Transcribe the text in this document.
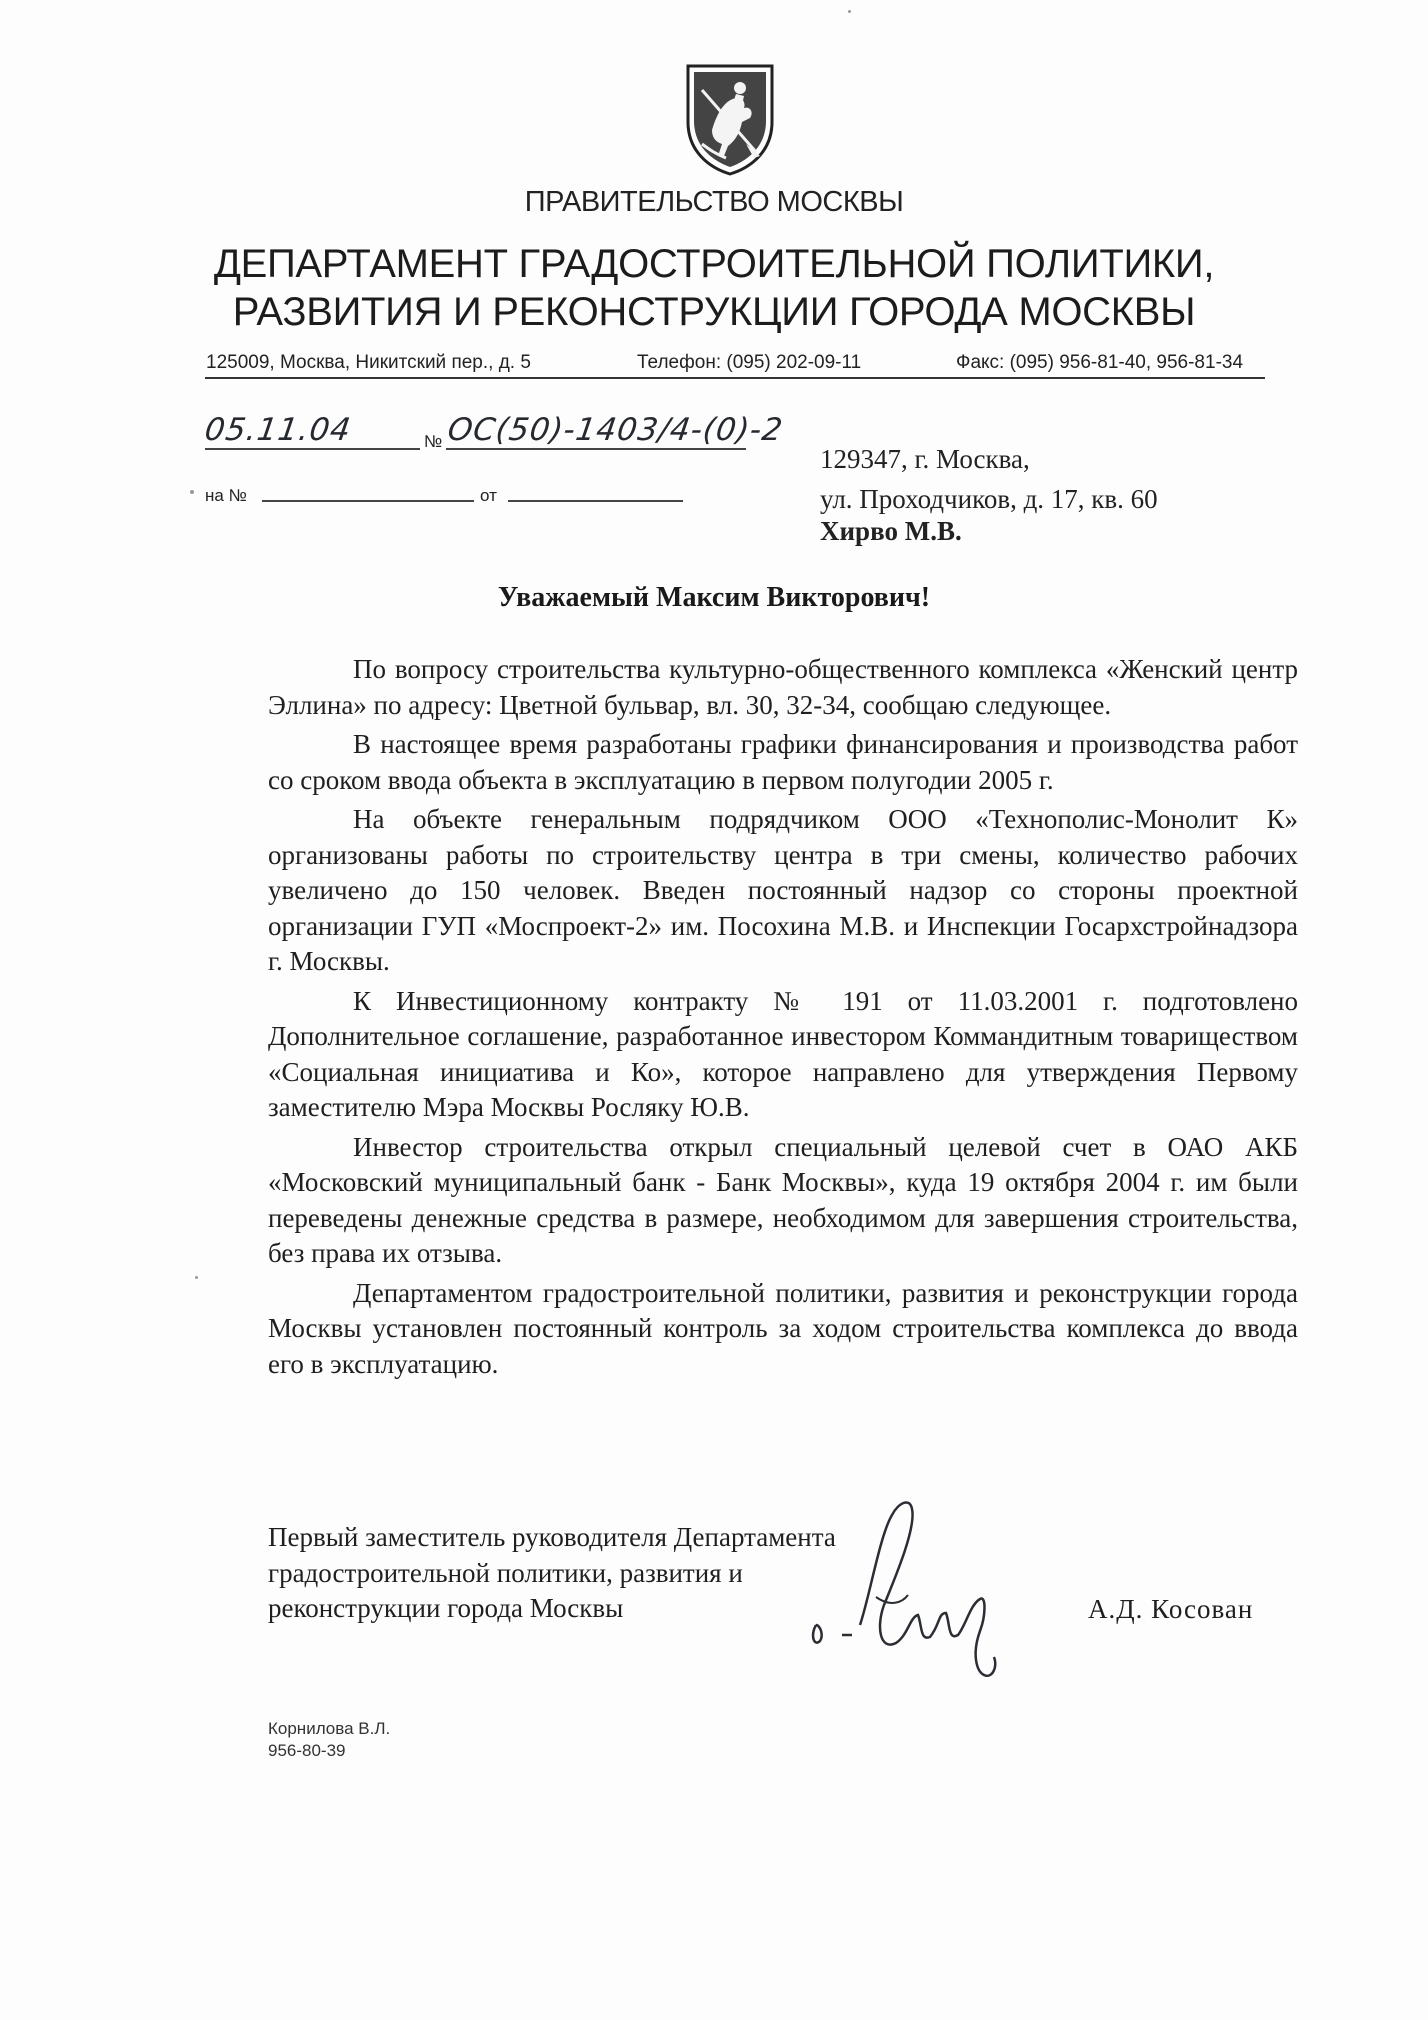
ПРАВИТЕЛЬСТВО МОСКВЫ
ДЕПАРТАМЕНТ ГРАДОСТРОИТЕЛЬНОЙ ПОЛИТИКИ,
РАЗВИТИЯ И РЕКОНСТРУКЦИИ ГОРОДА МОСКВЫ
125009, Москва, Никитский пер., д. 5	Телефон: (095) 202-09-11	Факс: (095) 956-81-40, 956-81-34
05.11.04	№ ОС(50)-1403/4-(0)-2
на №	от
129347, г. Москва,
ул. Проходчиков, д. 17, кв. 60
Хирво М.В.
Уважаемый Максим Викторович!

По вопросу строительства культурно-общественного комплекса «Женский центр Эллина» по адресу: Цветной бульвар, вл. 30, 32-34, сообщаю следующее.

В настоящее время разработаны графики финансирования и производства работ со сроком ввода объекта в эксплуатацию в первом полугодии 2005 г.

На объекте генеральным подрядчиком ООО «Технополис-Монолит К» организованы работы по строительству центра в три смены, количество рабочих увеличено до 150 человек. Введен постоянный надзор со стороны проектной организации ГУП «Моспроект-2» им. Посохина М.В. и Инспекции Госархстройнадзора г. Москвы.

К Инвестиционному контракту № 191 от 11.03.2001 г. подготовлено Дополнительное соглашение, разработанное инвестором Коммандитным товариществом «Социальная инициатива и Ко», которое направлено для утверждения Первому заместителю Мэра Москвы Росляку Ю.В.

Инвестор строительства открыл специальный целевой счет в ОАО АКБ «Московский муниципальный банк - Банк Москвы», куда 19 октября 2004 г. им были переведены денежные средства в размере, необходимом для завершения строительства, без права их отзыва.

Департаментом градостроительной политики, развития и реконструкции города Москвы установлен постоянный контроль за ходом строительства комплекса до ввода его в эксплуатацию.

Первый заместитель руководителя Департамента
градостроительной политики, развития и
реконструкции города Москвы	А.Д. Косован
Корнилова В.Л.
956-80-39
